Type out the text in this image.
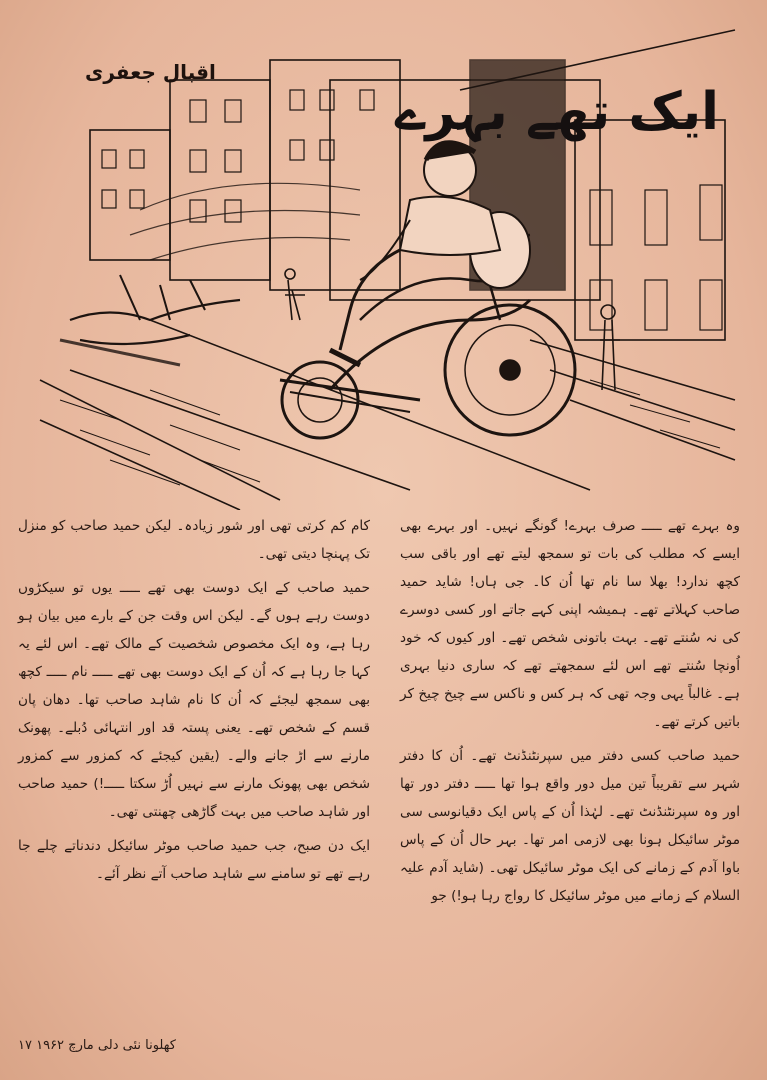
اقبال جعفری
ایک تھے بہرے

وہ بہرے تھے ـــــ صرف بہرے! گونگے نہیں۔ اور بہرے بھی ایسے کہ مطلب کی بات تو سمجھ لیتے تھے اور باقی سب کچھ ندارد! بھلا سا نام تھا اُن کا۔ جی ہاں! شاید حمید صاحب کہلاتے تھے۔ ہمیشہ اپنی کہے جاتے اور کسی دوسرے کی نہ سُنتے تھے۔ بہت باتونی شخص تھے۔ اور کیوں کہ خود اُونچا سُنتے تھے اس لئے سمجھتے تھے کہ ساری دنیا بہری ہے۔ غالباً یہی وجہ تھی کہ ہر کس و ناکس سے چیخ چیخ کر باتیں کرتے تھے۔

حمید صاحب کسی دفتر میں سپرنٹنڈنٹ تھے۔ اُن کا دفتر شہر سے تقریباً تین میل دور واقع ہوا تھا ـــــ دفتر دور تھا اور وہ سپرنٹنڈنٹ تھے۔ لہٰذا اُن کے پاس ایک دقیانوسی سی موٹر سائیکل ہونا بھی لازمی امر تھا۔ بہر حال اُن کے پاس باوا آدم کے زمانے کی ایک موٹر سائیکل تھی۔ (شاید آدم علیہ السلام کے زمانے میں موٹر سائیکل کا رواج رہا ہو!) جو

کام کم کرتی تھی اور شور زیادہ۔ لیکن حمید صاحب کو منزل تک پہنچا دیتی تھی۔

حمید صاحب کے ایک دوست بھی تھے ـــــ یوں تو سیکڑوں دوست رہے ہوں گے۔ لیکن اس وقت جن کے بارے میں بیان ہو رہا ہے، وہ ایک مخصوص شخصیت کے مالک تھے۔ اس لئے یہ کہا جا رہا ہے کہ اُن کے ایک دوست بھی تھے ـــــ نام ـــــ کچھ بھی سمجھ لیجئے کہ اُن کا نام شاہد صاحب تھا۔ دھان پان قسم کے شخص تھے۔ یعنی پستہ قد اور انتہائی دُبلے۔ پھونک مارنے سے اڑ جانے والے۔ (یقین کیجئے کہ کمزور سے کمزور شخص بھی پھونک مارنے سے نہیں اُڑ سکتا ـــــ!) حمید صاحب اور شاہد صاحب میں بہت گاڑھی چھنتی تھی۔

ایک دن صبح، جب حمید صاحب موٹر سائیکل دندناتے چلے جا رہے تھے تو سامنے سے شاہد صاحب آتے نظر آئے۔

کھلونا نئی دلی مارچ ۱۹۶۲ ۱۷
